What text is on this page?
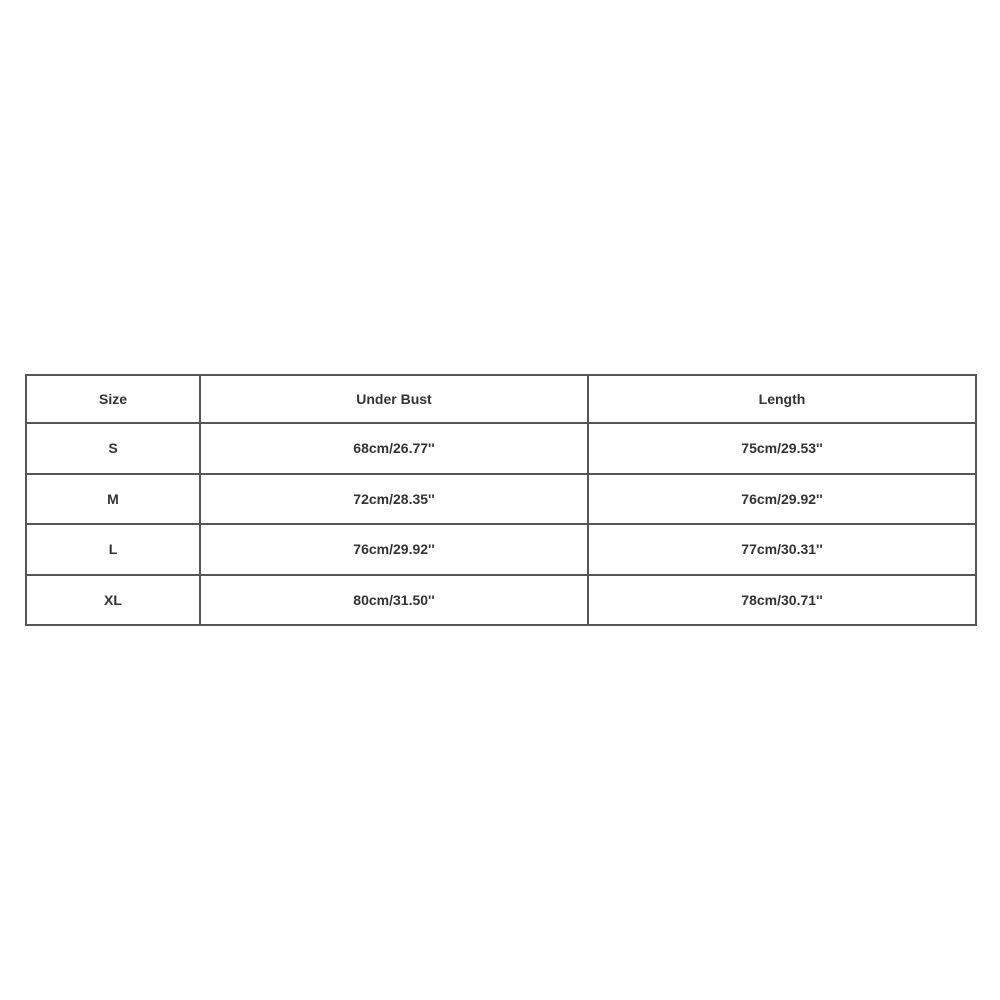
Size	Under Bust	Length
S	68cm/26.77''	75cm/29.53''
M	72cm/28.35''	76cm/29.92''
L	76cm/29.92''	77cm/30.31''
XL	80cm/31.50''	78cm/30.71''
